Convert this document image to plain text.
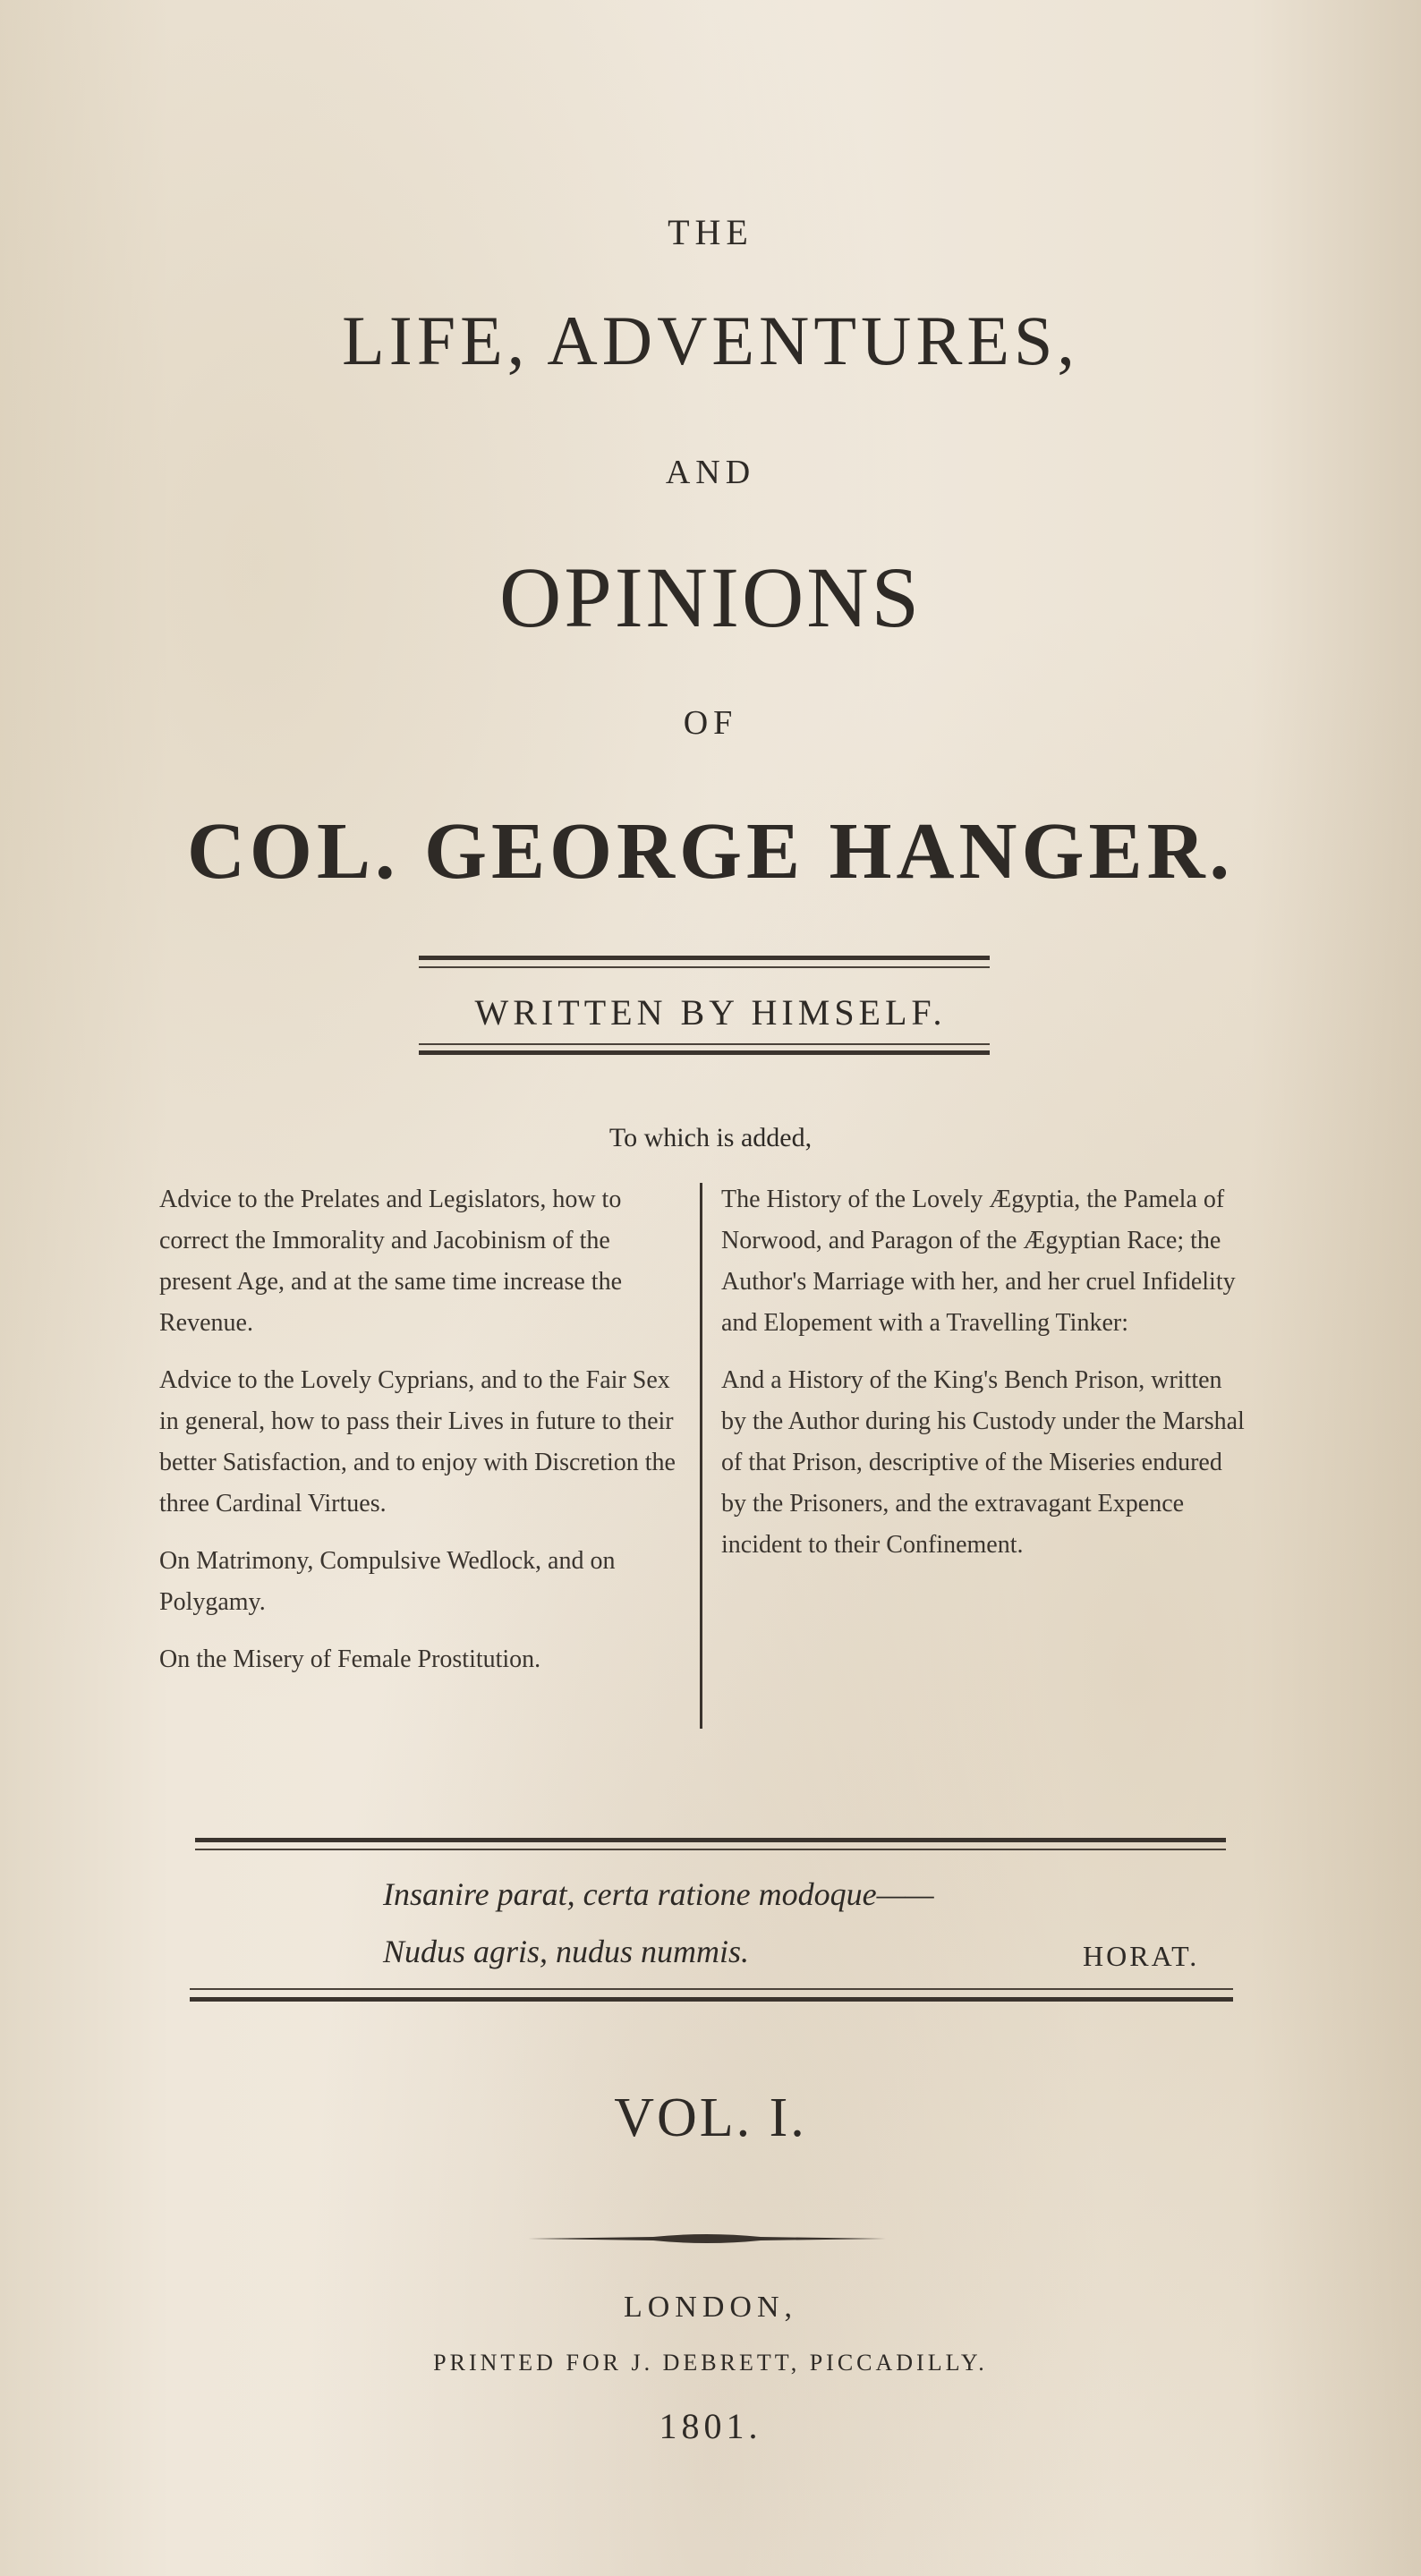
THE
LIFE, ADVENTURES,
AND
OPINIONS
OF
COL. GEORGE HANGER.
WRITTEN BY HIMSELF.
To which is added,

Advice to the Prelates and Legislators, how to correct the Immorality and Jacobinism of the present Age, and at the same time increase the Revenue.

Advice to the Lovely Cyprians, and to the Fair Sex in general, how to pass their Lives in future to their better Satisfaction, and to enjoy with Discretion the three Cardinal Virtues.

On Matrimony, Compulsive Wedlock, and on Polygamy.

On the Misery of Female Prostitution.

The History of the Lovely Ægyptia, the Pamela of Norwood, and Paragon of the Ægyptian Race; the Author's Marriage with her, and her cruel Infidelity and Elopement with a Travelling Tinker:

And a History of the King's Bench Prison, written by the Author during his Custody under the Marshal of that Prison, descriptive of the Miseries endured by the Prisoners, and the extravagant Expence incident to their Confinement.

Insanire parat, certa ratione modoque——
Nudus agris, nudus nummis.	HORAT.
VOL. I.
LONDON,
PRINTED FOR J. DEBRETT, PICCADILLY.
1801.
